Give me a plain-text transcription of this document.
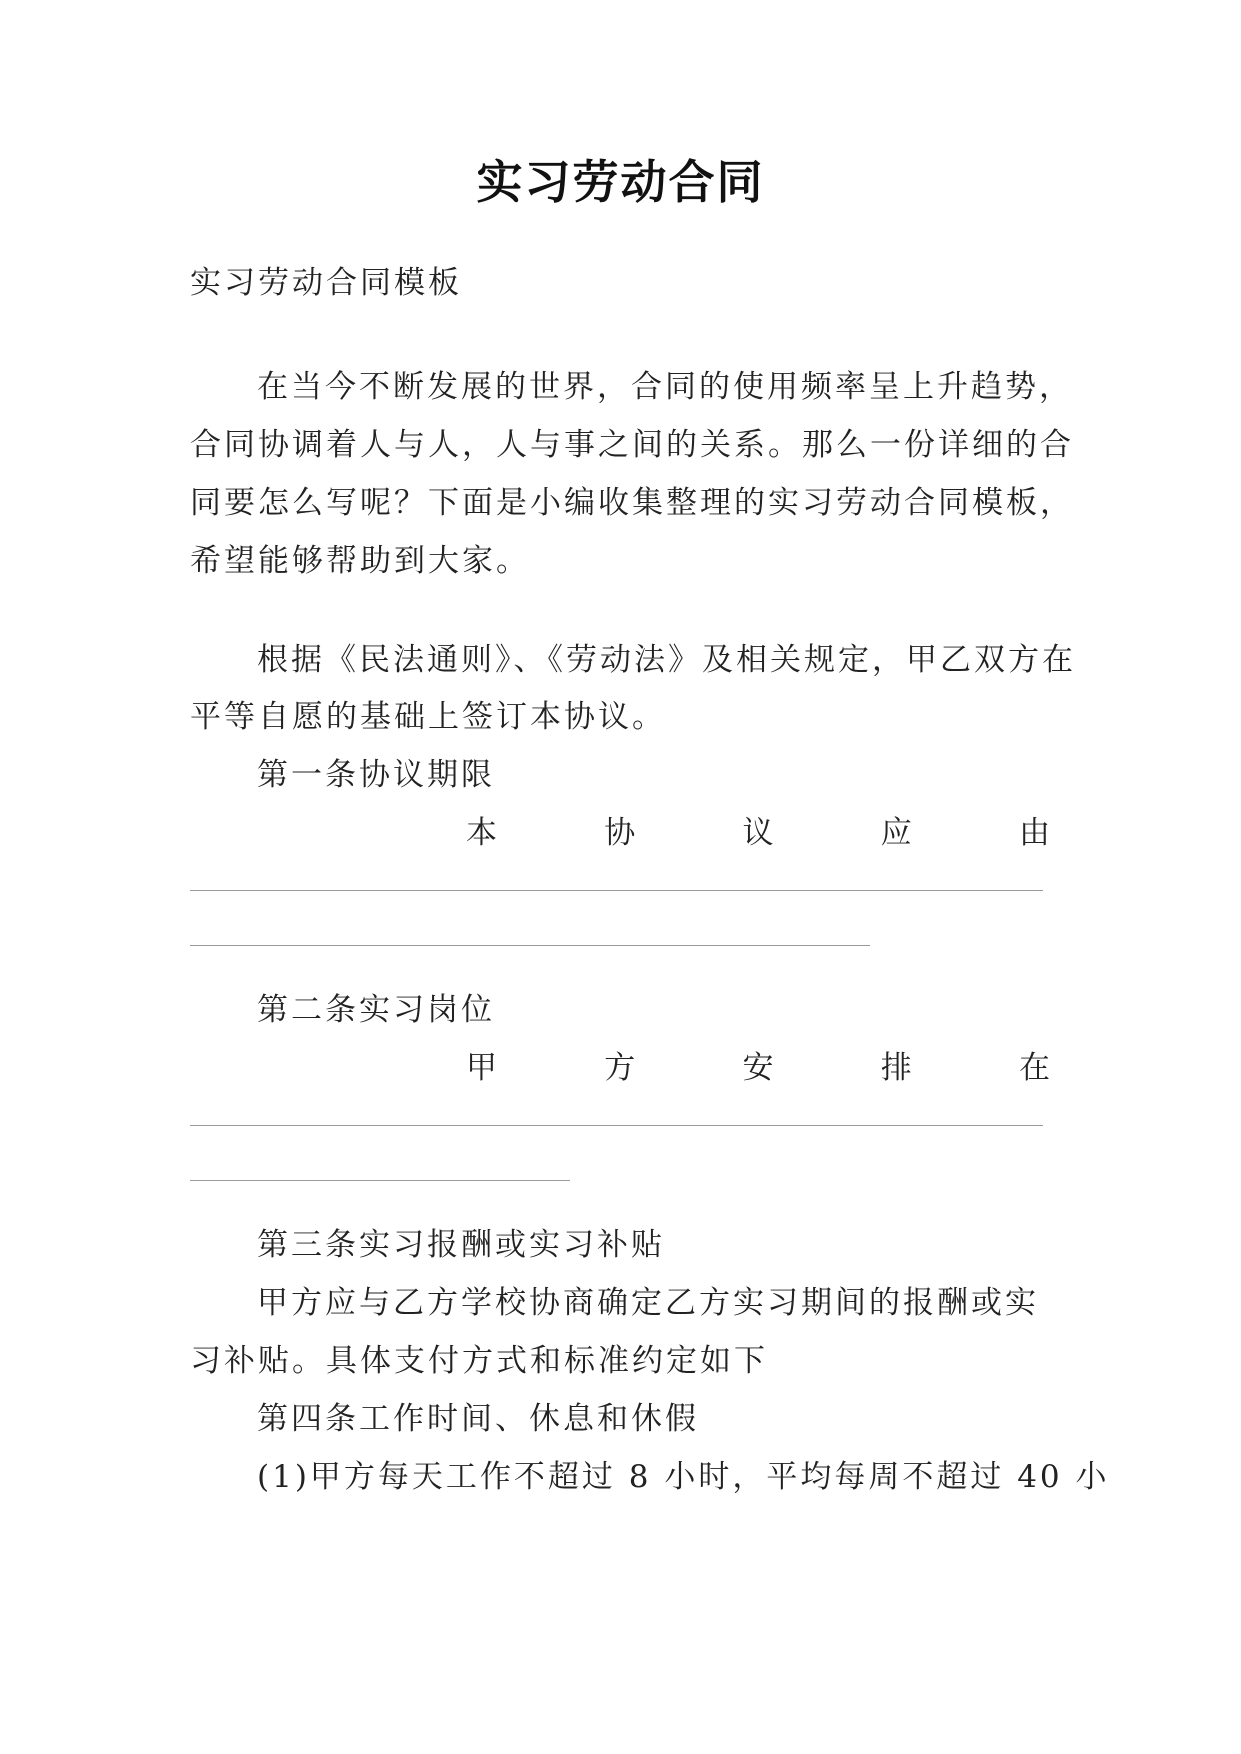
实习劳动合同
实习劳动合同模板
在当今不断发展的世界，合同的使用频率呈上升趋势，
合同协调着人与人，人与事之间的关系。那么一份详细的合
同要怎么写呢？下面是小编收集整理的实习劳动合同模板，
希望能够帮助到大家。
根据《民法通则》、《劳动法》及相关规定，甲乙双方在
平等自愿的基础上签订本协议。
第一条协议期限
本	协	议	应	由
第二条实习岗位
甲	方	安	排	在
第三条实习报酬或实习补贴
甲方应与乙方学校协商确定乙方实习期间的报酬或实
习补贴。具体支付方式和标准约定如下
第四条工作时间、休息和休假
(1)甲方每天工作不超过 8 小时，平均每周不超过 40 小
